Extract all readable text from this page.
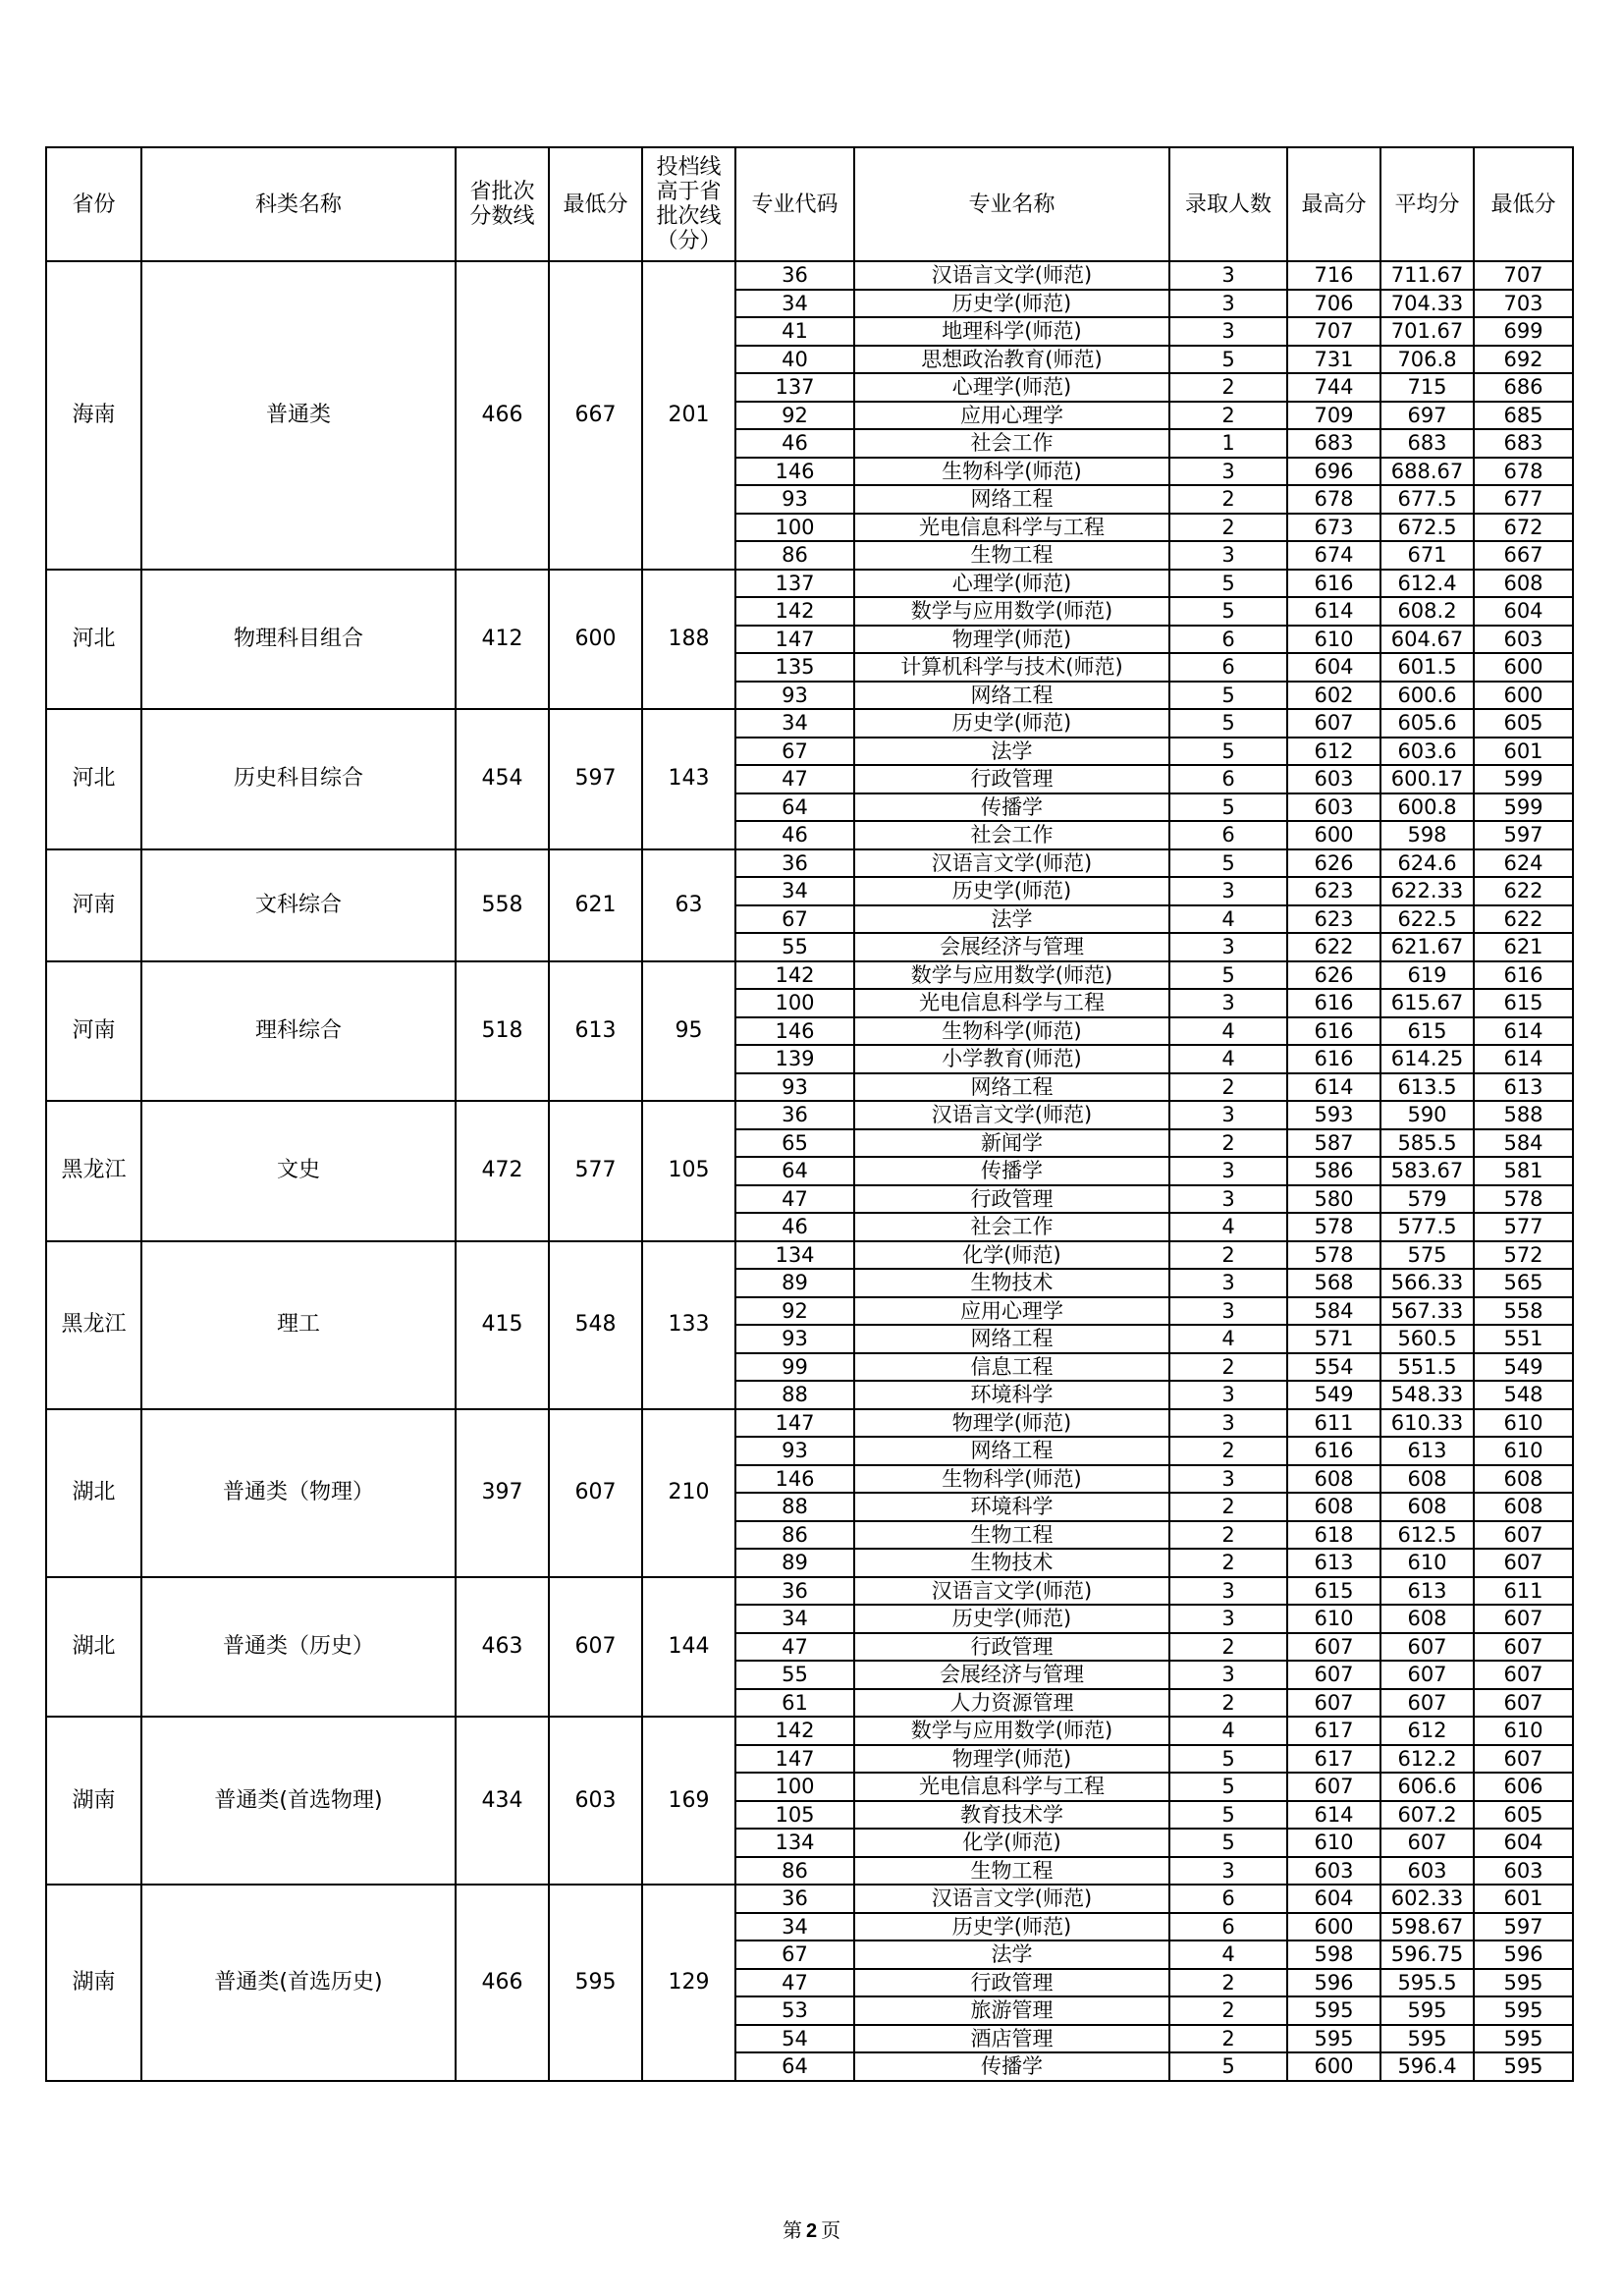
省份	科类名称	省批次分数线	最低分	投档线高于省批次线（分）	专业代码	专业名称	录取人数	最高分	平均分	最低分
海南	普通类	466	667	201	36	汉语言文学(师范)	3	716	711.67	707
					34	历史学(师范)	3	706	704.33	703
					41	地理科学(师范)	3	707	701.67	699
					40	思想政治教育(师范)	5	731	706.8	692
					137	心理学(师范)	2	744	715	686
					92	应用心理学	2	709	697	685
					46	社会工作	1	683	683	683
					146	生物科学(师范)	3	696	688.67	678
					93	网络工程	2	678	677.5	677
					100	光电信息科学与工程	2	673	672.5	672
					86	生物工程	3	674	671	667
河北	物理科目组合	412	600	188	137	心理学(师范)	5	616	612.4	608
					142	数学与应用数学(师范)	5	614	608.2	604
					147	物理学(师范)	6	610	604.67	603
					135	计算机科学与技术(师范)	6	604	601.5	600
					93	网络工程	5	602	600.6	600
河北	历史科目综合	454	597	143	34	历史学(师范)	5	607	605.6	605
					67	法学	5	612	603.6	601
					47	行政管理	6	603	600.17	599
					64	传播学	5	603	600.8	599
					46	社会工作	6	600	598	597
河南	文科综合	558	621	63	36	汉语言文学(师范)	5	626	624.6	624
					34	历史学(师范)	3	623	622.33	622
					67	法学	4	623	622.5	622
					55	会展经济与管理	3	622	621.67	621
河南	理科综合	518	613	95	142	数学与应用数学(师范)	5	626	619	616
					100	光电信息科学与工程	3	616	615.67	615
					146	生物科学(师范)	4	616	615	614
					139	小学教育(师范)	4	616	614.25	614
					93	网络工程	2	614	613.5	613
黑龙江	文史	472	577	105	36	汉语言文学(师范)	3	593	590	588
					65	新闻学	2	587	585.5	584
					64	传播学	3	586	583.67	581
					47	行政管理	3	580	579	578
					46	社会工作	4	578	577.5	577
黑龙江	理工	415	548	133	134	化学(师范)	2	578	575	572
					89	生物技术	3	568	566.33	565
					92	应用心理学	3	584	567.33	558
					93	网络工程	4	571	560.5	551
					99	信息工程	2	554	551.5	549
					88	环境科学	3	549	548.33	548
湖北	普通类（物理）	397	607	210	147	物理学(师范)	3	611	610.33	610
					93	网络工程	2	616	613	610
					146	生物科学(师范)	3	608	608	608
					88	环境科学	2	608	608	608
					86	生物工程	2	618	612.5	607
					89	生物技术	2	613	610	607
湖北	普通类（历史）	463	607	144	36	汉语言文学(师范)	3	615	613	611
					34	历史学(师范)	3	610	608	607
					47	行政管理	2	607	607	607
					55	会展经济与管理	3	607	607	607
					61	人力资源管理	2	607	607	607
湖南	普通类(首选物理)	434	603	169	142	数学与应用数学(师范)	4	617	612	610
					147	物理学(师范)	5	617	612.2	607
					100	光电信息科学与工程	5	607	606.6	606
					105	教育技术学	5	614	607.2	605
					134	化学(师范)	5	610	607	604
					86	生物工程	3	603	603	603
湖南	普通类(首选历史)	466	595	129	36	汉语言文学(师范)	6	604	602.33	601
					34	历史学(师范)	6	600	598.67	597
					67	法学	4	598	596.75	596
					47	行政管理	2	596	595.5	595
					53	旅游管理	2	595	595	595
					54	酒店管理	2	595	595	595
					64	传播学	5	600	596.4	595
第 2 页
